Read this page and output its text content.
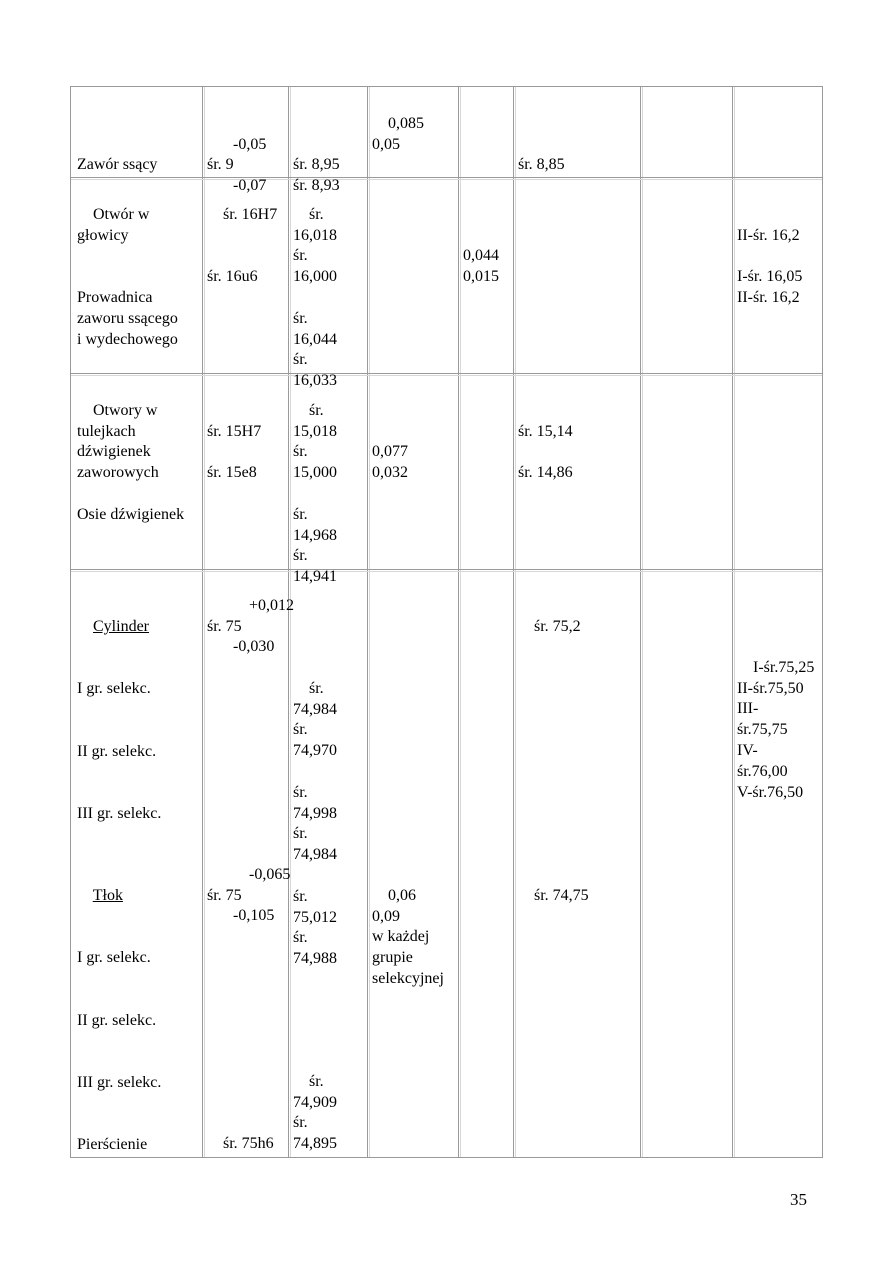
Zawór ssący

-0,05
śr. 9
-0,07

śr. 8,95
śr. 8,93

0,085
0,05

śr. 8,85

Otwór w
głowicy

Prowadnica
zaworu ssącego
i wydechowego

śr. 16H7

śr. 16u6

śr.
16,018
śr.
16,000

śr.
16,044
śr.
16,033

0,044
0,015

II-śr. 16,2

I-śr. 16,05
II-śr. 16,2

Otwory w
tulejkach
dźwigienek
zaworowych

Osie dźwigienek

śr. 15H7

śr. 15e8

śr.
15,018
śr.
15,000

śr.
14,968
śr.
14,941

0,077
0,032

śr. 15,14

śr. 14,86

Cylinder

I gr. selekc.

II gr. selekc.

III gr. selekc.

Tłok

I gr. selekc.

II gr. selekc.

III gr. selekc.

Pierścienie

+0,012
śr. 75
-0,030

-0,065
śr. 75
-0,105

śr. 75h6

śr.
74,984
śr.
74,970

śr.
74,998
śr.
74,984

śr.
75,012
śr.
74,988

śr.
74,909
śr.
74,895

0,06
0,09
w każdej
grupie
selekcyjnej

śr. 75,2

śr. 74,75

I-śr.75,25
II-śr.75,50
III-
śr.75,75
IV-
śr.76,00
V-śr.76,50

35
